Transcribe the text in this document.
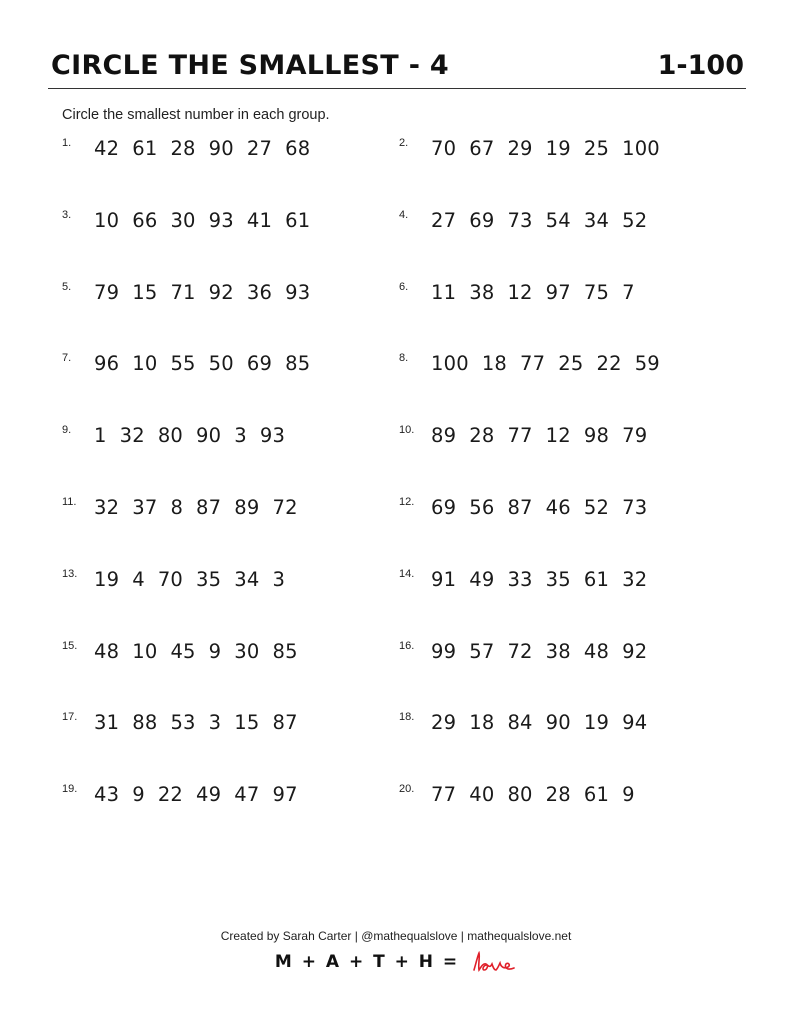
CIRCLE THE SMALLEST - 4	1-100
Circle the smallest number in each group.
1. 42 61 28 90 27 68	2. 70 67 29 19 25 100
3. 10 66 30 93 41 61	4. 27 69 73 54 34 52
5. 79 15 71 92 36 93	6. 11 38 12 97 75 7
7. 96 10 55 50 69 85	8. 100 18 77 25 22 59
9. 1 32 80 90 3 93	10. 89 28 77 12 98 79
11. 32 37 8 87 89 72	12. 69 56 87 46 52 73
13. 19 4 70 35 34 3	14. 91 49 33 35 61 32
15. 48 10 45 9 30 85	16. 99 57 72 38 48 92
17. 31 88 53 3 15 87	18. 29 18 84 90 19 94
19. 43 9 22 49 47 97	20. 77 40 80 28 61 9
Created by Sarah Carter | @mathequalslove | mathequalslove.net
M + A + T + H =
